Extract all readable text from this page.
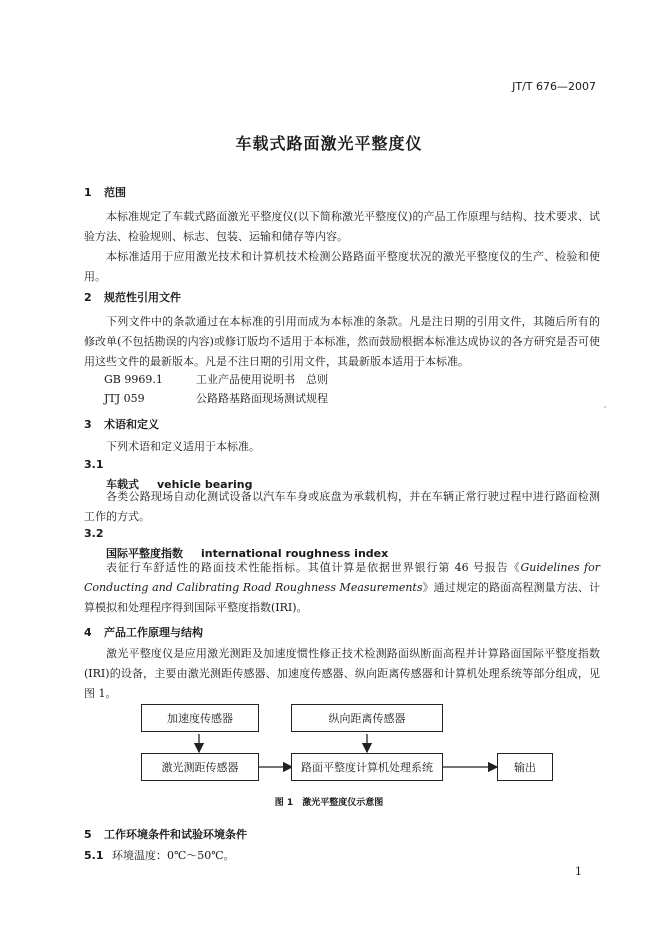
JT/T 676—2007
车载式路面激光平整度仪
1 范围
本标准规定了车载式路面激光平整度仪(以下简称激光平整度仪)的产品工作原理与结构、技术要求、试验方法、检验规则、标志、包装、运输和储存等内容。
本标准适用于应用激光技术和计算机技术检测公路路面平整度状况的激光平整度仪的生产、检验和使用。
2 规范性引用文件
下列文件中的条款通过在本标准的引用而成为本标准的条款。凡是注日期的引用文件，其随后所有的修改单(不包括勘误的内容)或修订版均不适用于本标准，然而鼓励根据本标准达成协议的各方研究是否可使用这些文件的最新版本。凡是不注日期的引用文件，其最新版本适用于本标准。
GB 9969.1	工业产品使用说明书　总则
JTJ 059	公路路基路面现场测试规程
′
3 术语和定义
下列术语和定义适用于本标准。
3.1
车载式 vehicle bearing
各类公路现场自动化测试设备以汽车车身或底盘为承载机构，并在车辆正常行驶过程中进行路面检测工作的方式。
3.2
国际平整度指数 international roughness index
表征行车舒适性的路面技术性能指标。其值计算是依据世界银行第 46 号报告《Guidelines for Conducting and Calibrating Road Roughness Measurements》通过规定的路面高程测量方法、计算模拟和处理程序得到国际平整度指数(IRI)。
4 产品工作原理与结构
激光平整度仪是应用激光测距及加速度惯性修正技术检测路面纵断面高程并计算路面国际平整度指数(IRI)的设备，主要由激光测距传感器、加速度传感器、纵向距离传感器和计算机处理系统等部分组成，见图 1。
加速度传感器	纵向距离传感器
激光测距传感器	路面平整度计算机处理系统	输出
图 1　激光平整度仪示意图
5 工作环境条件和试验环境条件
5.1 环境温度：0℃～50℃。
1
